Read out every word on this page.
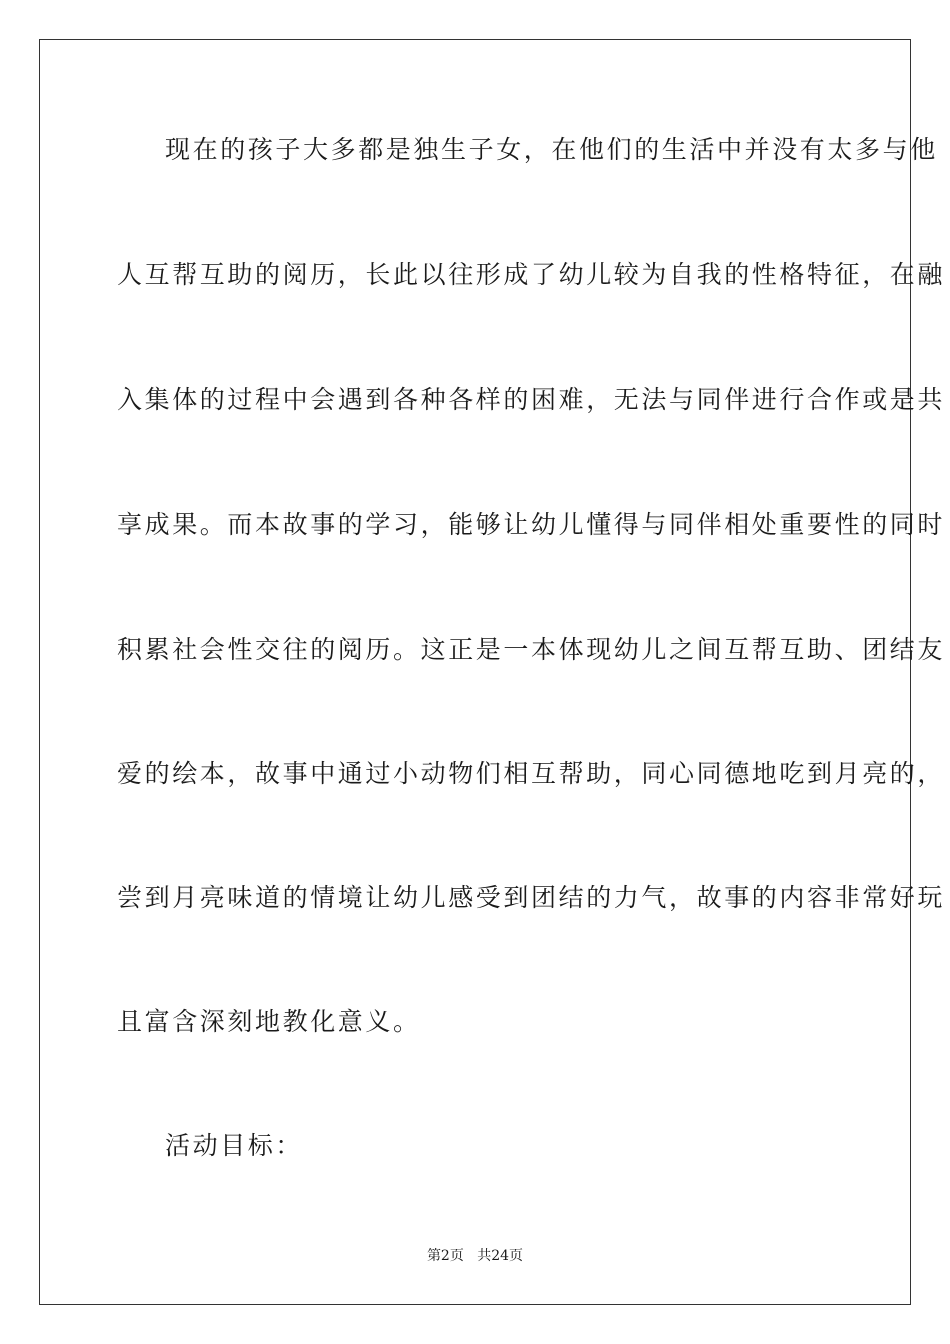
现在的孩子大多都是独生子女，在他们的生活中并没有太多与他
人互帮互助的阅历，长此以往形成了幼儿较为自我的性格特征，在融
入集体的过程中会遇到各种各样的困难，无法与同伴进行合作或是共
享成果。而本故事的学习，能够让幼儿懂得与同伴相处重要性的同时
积累社会性交往的阅历。这正是一本体现幼儿之间互帮互助、团结友
爱的绘本，故事中通过小动物们相互帮助，同心同德地吃到月亮的，
尝到月亮味道的情境让幼儿感受到团结的力气，故事的内容非常好玩
且富含深刻地教化意义。
活动目标：
第2页 共24页
